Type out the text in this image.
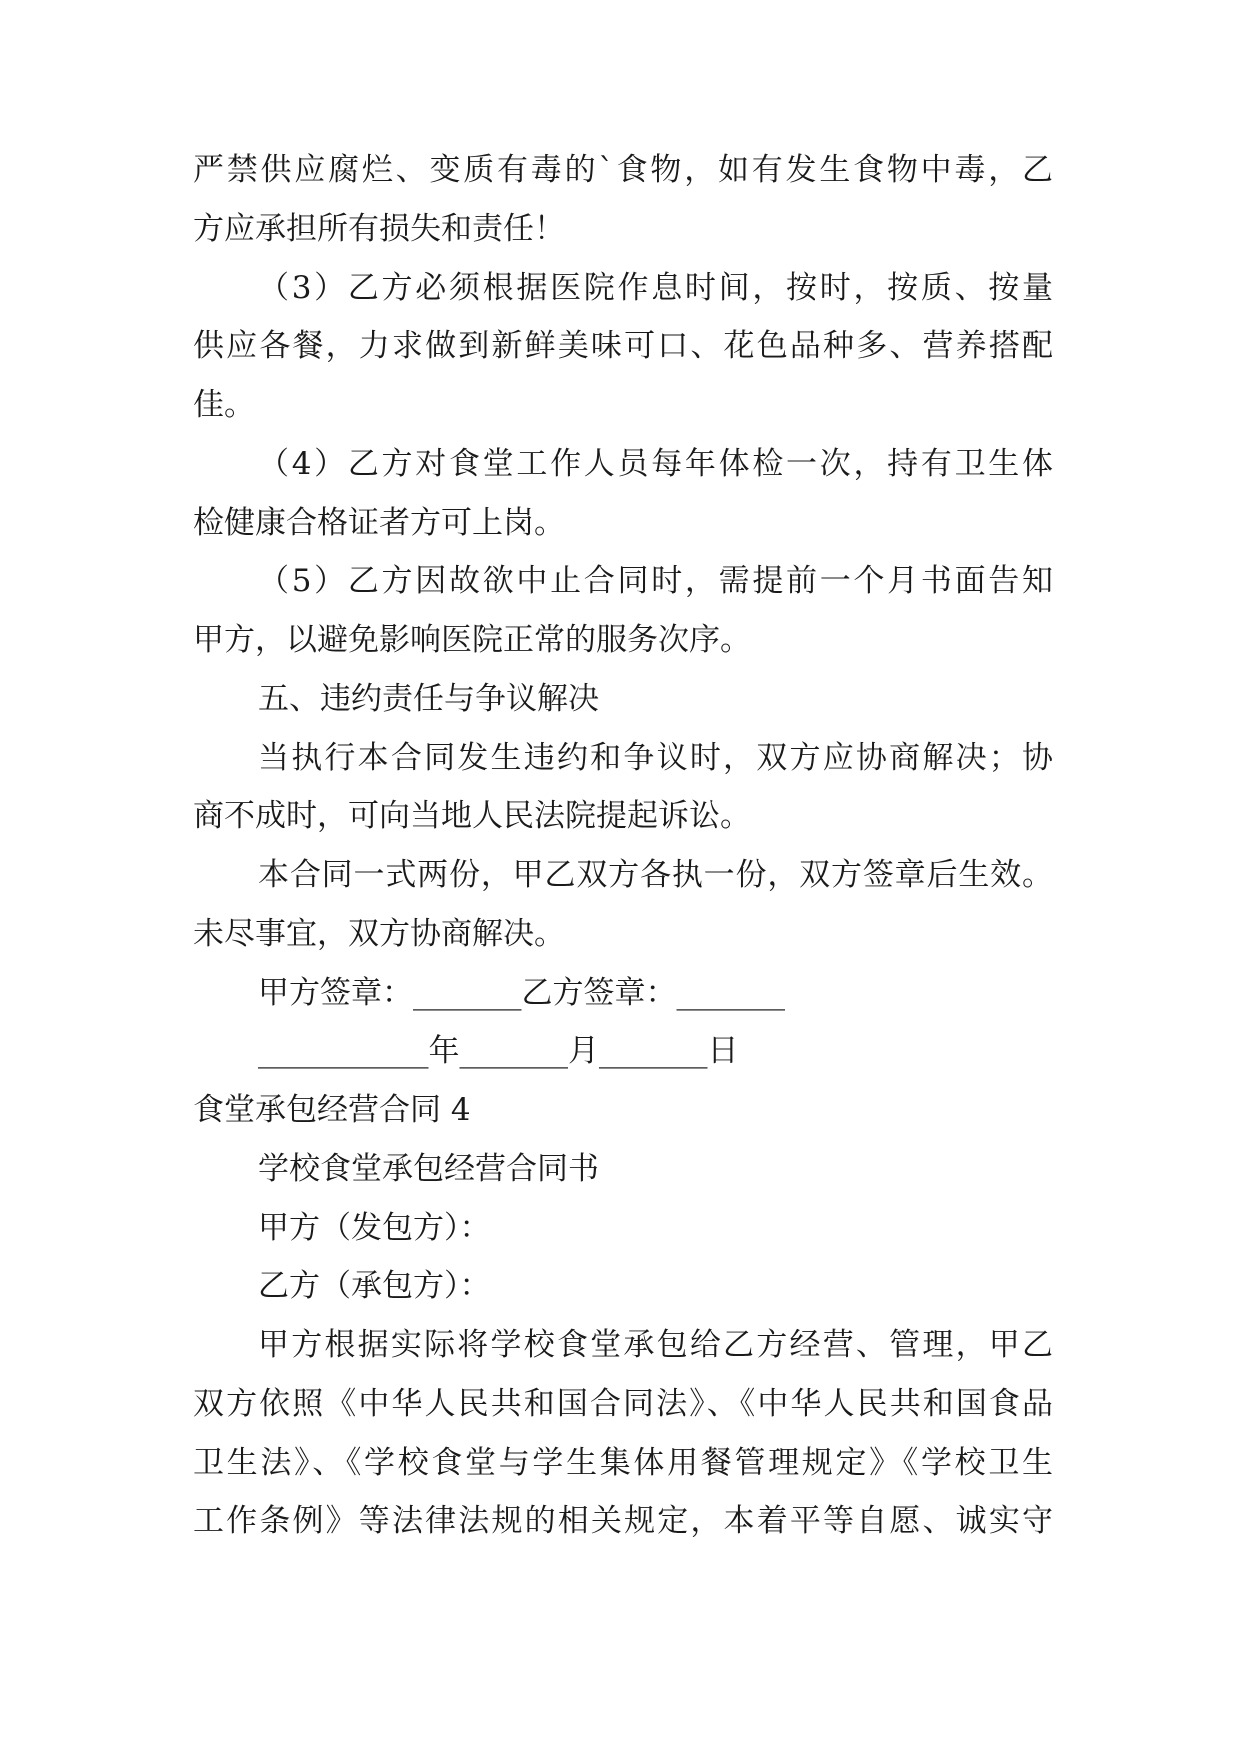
严禁供应腐烂、变质有毒的`食物，如有发生食物中毒，乙
方应承担所有损失和责任！
（3）乙方必须根据医院作息时间，按时，按质、按量
供应各餐，力求做到新鲜美味可口、花色品种多、营养搭配
佳。
（4）乙方对食堂工作人员每年体检一次，持有卫生体
检健康合格证者方可上岗。
（5）乙方因故欲中止合同时，需提前一个月书面告知
甲方，以避免影响医院正常的服务次序。
五、违约责任与争议解决
当执行本合同发生违约和争议时，双方应协商解决；协
商不成时，可向当地人民法院提起诉讼。
本合同一式两份，甲乙双方各执一份，双方签章后生效。
未尽事宜，双方协商解决。
甲方签章：_______乙方签章：_______
___________年_______月_______日
食堂承包经营合同 4
学校食堂承包经营合同书
甲方（发包方）：
乙方（承包方）：
甲方根据实际将学校食堂承包给乙方经营、管理，甲乙
双方依照《中华人民共和国合同法》、《中华人民共和国食品
卫生法》、《学校食堂与学生集体用餐管理规定》《学校卫生
工作条例》等法律法规的相关规定，本着平等自愿、诚实守
